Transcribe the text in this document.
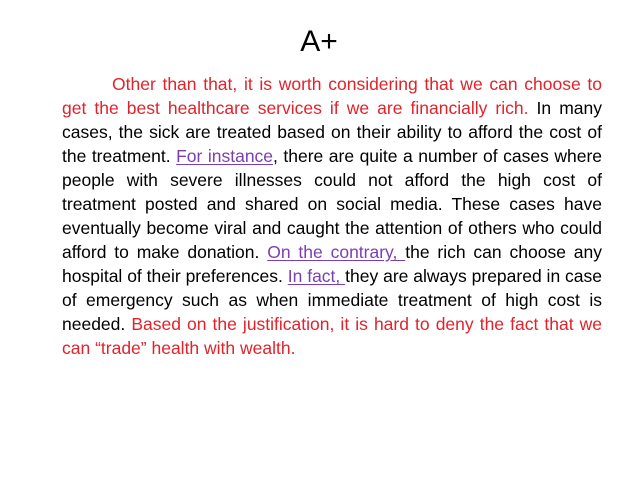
A+

Other than that, it is worth considering that we can choose to get the best healthcare services if we are financially rich. In many cases, the sick are treated based on their ability to afford the cost of the treatment. For instance, there are quite a number of cases where people with severe illnesses could not afford the high cost of treatment posted and shared on social media. These cases have eventually become viral and caught the attention of others who could afford to make donation. On the contrary, the rich can choose any hospital of their preferences. In fact, they are always prepared in case of emergency such as when immediate treatment of high cost is needed. Based on the justification, it is hard to deny the fact that we can “trade” health with wealth.
